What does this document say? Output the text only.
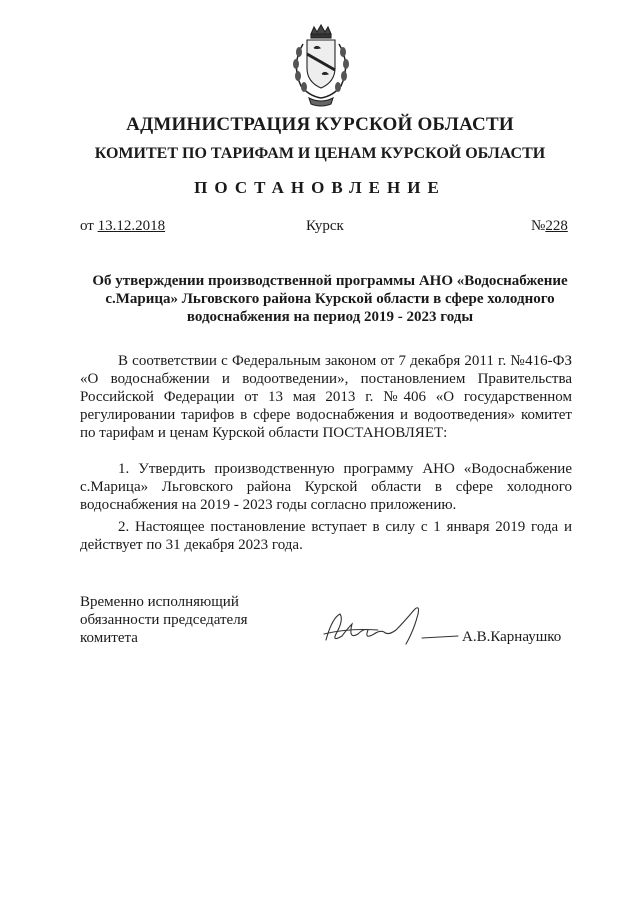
АДМИНИСТРАЦИЯ КУРСКОЙ ОБЛАСТИ
КОМИТЕТ ПО ТАРИФАМ И ЦЕНАМ КУРСКОЙ ОБЛАСТИ
ПОСТАНОВЛЕНИЕ
от 13.12.2018	Курск	№228
Об утверждении производственной программы АНО «Водоснабжение с.Марица» Льговского района Курской области в сфере холодного водоснабжения на период 2019 - 2023 годы

В соответствии с Федеральным законом от 7 декабря 2011 г. №416-ФЗ «О водоснабжении и водоотведении», постановлением Правительства Российской Федерации от 13 мая 2013 г. №406 «О государственном регулировании тарифов в сфере водоснабжения и водоотведения» комитет по тарифам и ценам Курской области ПОСТАНОВЛЯЕТ:

1. Утвердить производственную программу АНО «Водоснабжение с.Марица» Льговского района Курской области в сфере холодного водоснабжения на 2019 - 2023 годы согласно приложению.

2. Настоящее постановление вступает в силу с 1 января 2019 года и действует по 31 декабря 2023 года.

Временно исполняющий
обязанности председателя
комитета	А.В.Карнаушко
